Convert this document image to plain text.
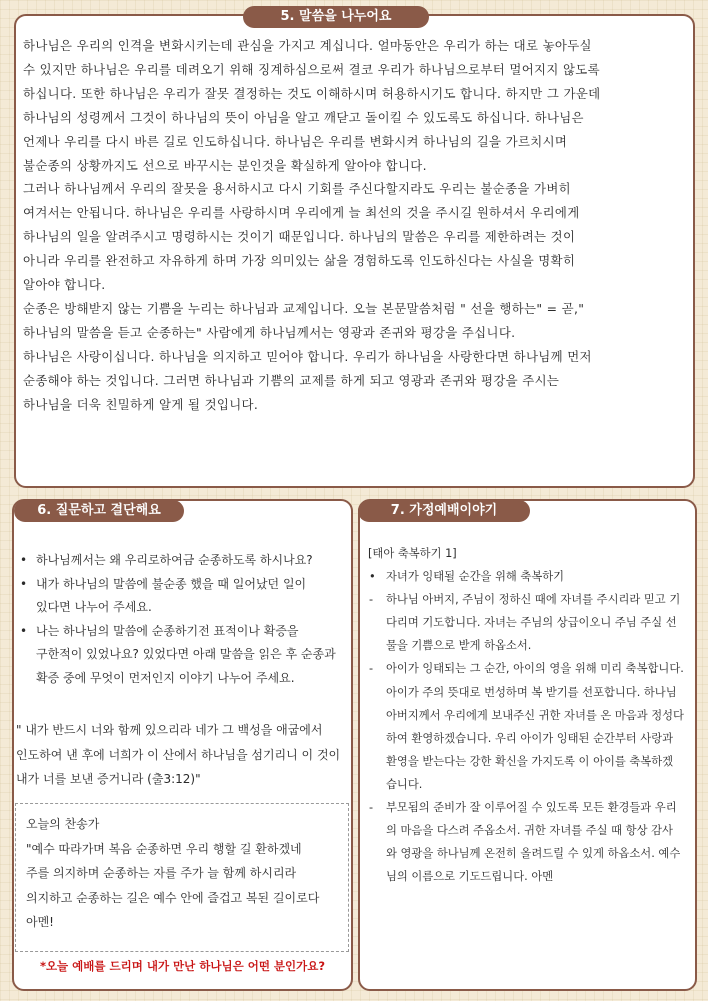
5. 말씀을 나누어요
6. 질문하고 결단해요	7. 가정예배이야기
하나님은 우리의 인격을 변화시키는데 관심을 가지고 계십니다. 얼마동안은 우리가 하는 대로 놓아두실
수 있지만 하나님은 우리를 데려오기 위해 징계하심으로써 결코 우리가 하나님으로부터 멀어지지 않도록
하십니다. 또한 하나님은 우리가 잘못 결정하는 것도 이해하시며 허용하시기도 합니다. 하지만 그 가운데
하나님의 성령께서 그것이 하나님의 뜻이 아님을 알고 깨닫고 돌이킬 수 있도록도 하십니다. 하나님은
언제나 우리를 다시 바른 길로 인도하십니다. 하나님은 우리를 변화시켜 하나님의 길을 가르치시며
불순종의 상황까지도 선으로 바꾸시는 분인것을 확실하게 알아야 합니다.
그러나 하나님께서 우리의 잘못을 용서하시고 다시 기회를 주신다할지라도 우리는 불순종을 가벼히
여겨서는 안됩니다. 하나님은 우리를 사랑하시며 우리에게 늘 최선의 것을 주시길 원하셔서 우리에게
하나님의 일을 알려주시고 명령하시는 것이기 때문입니다. 하나님의 말씀은 우리를 제한하려는 것이
아니라 우리를 완전하고 자유하게 하며 가장 의미있는 삶을 경험하도록 인도하신다는 사실을 명확히
알아야 합니다.
순종은 방해받지 않는 기쁨을 누리는 하나님과 교제입니다. 오늘 본문말씀처럼 " 선을 행하는" = 곧,"
하나님의 말씀을 듣고 순종하는" 사람에게 하나님께서는 영광과 존귀와 평강을 주십니다.
하나님은 사랑이십니다. 하나님을 의지하고 믿어야 합니다. 우리가 하나님을 사랑한다면 하나님께 먼저
순종해야 하는 것입니다. 그러면 하나님과 기쁨의 교제를 하게 되고 영광과 존귀와 평강을 주시는
하나님을 더욱 친밀하게 알게 될 것입니다.
• 하나님께서는 왜 우리로하여금 순종하도록 하시나요?
• 내가 하나님의 말씀에 불순종 했을 때 일어났던 일이
있다면 나누어 주세요.
• 나는 하나님의 말씀에 순종하기전 표적이나 확증을
구한적이 있었나요? 있었다면 아래 말씀을 읽은 후 순종과
확증 중에 무엇이 먼저인지 이야기 나누어 주세요.
" 내가 반드시 너와 함께 있으리라 네가 그 백성을 애굽에서
인도하여 낸 후에 너희가 이 산에서 하나님을 섬기리니 이 것이
내가 너를 보낸 증거니라 (출3:12)"
오늘의 찬송가
"예수 따라가며 복음 순종하면 우리 행할 길 환하겠네
주를 의지하며 순종하는 자를 주가 늘 함께 하시리라
의지하고 순종하는 길은 예수 안에 즐겁고 복된 길이로다
아멘!
*오늘 예배를 드리며 내가 만난 하나님은 어떤 분인가요?
[태아 축복하기 1]
• 자녀가 잉태될 순간을 위해 축복하기
- 하나님 아버지, 주님이 정하신 때에 자녀를 주시리라 믿고 기
다리며 기도합니다. 자녀는 주님의 상급이오니 주님 주실 선
물을 기쁨으로 받게 하옵소서.
- 아이가 잉태되는 그 순간, 아이의 영을 위해 미리 축복합니다.
아이가 주의 뜻대로 번성하며 복 받기를 선포합니다. 하나님
아버지께서 우리에게 보내주신 귀한 자녀를 온 마음과 정성다
하여 환영하겠습니다. 우리 아이가 잉태된 순간부터 사랑과
환영을 받는다는 강한 확신을 가지도록 이 아이를 축복하겠
습니다.
- 부모됨의 준비가 잘 이루어질 수 있도록 모든 환경들과 우리
의 마음을 다스려 주옵소서. 귀한 자녀를 주실 때 항상 감사
와 영광을 하나님께 온전히 올려드릴 수 있게 하옵소서. 예수
님의 이름으로 기도드립니다. 아멘
